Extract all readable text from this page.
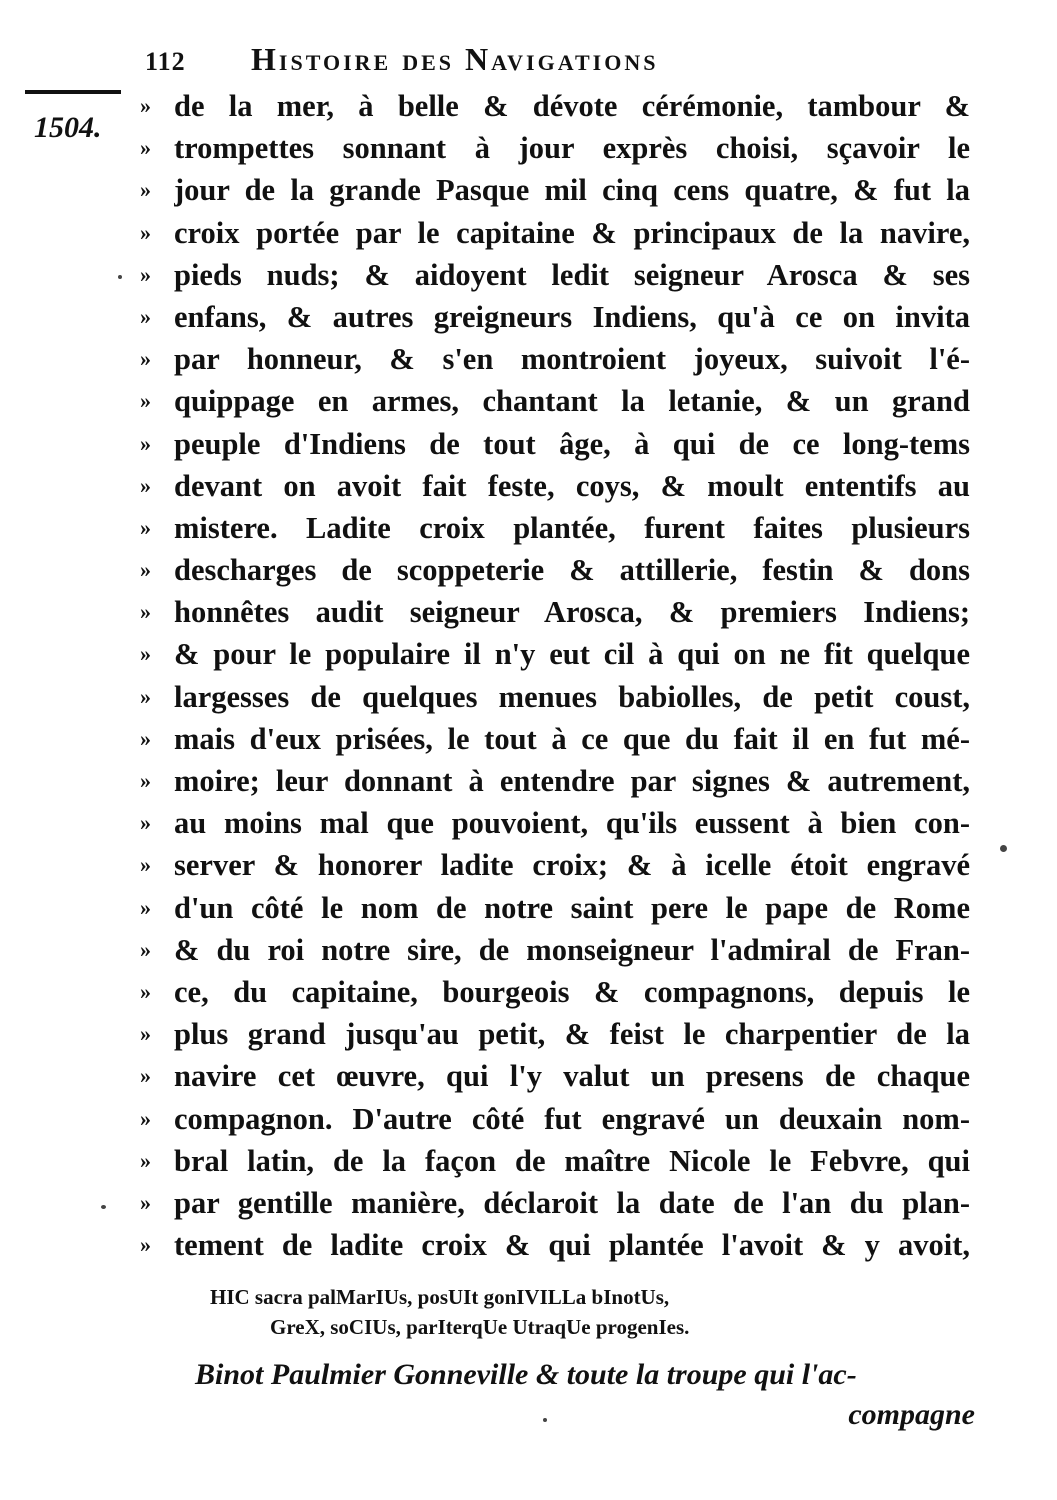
112 Histoire des Navigations
1504.
» de la mer, à belle & dévote cérémonie, tambour &
» trompettes sonnant à jour exprès choisi, sçavoir le
» jour de la grande Pasque mil cinq cens quatre, & fut la
» croix portée par le capitaine & principaux de la navire,
» pieds nuds; & aidoyent ledit seigneur Arosca & ses
» enfans, & autres greigneurs Indiens, qu'à ce on invita
» par honneur, & s'en montroient joyeux, suivoit l'é-
» quippage en armes, chantant la letanie, & un grand
» peuple d'Indiens de tout âge, à qui de ce long-tems
» devant on avoit fait feste, coys, & moult ententifs au
» mistere. Ladite croix plantée, furent faites plusieurs
» descharges de scoppeterie & attillerie, festin & dons
» honnêtes audit seigneur Arosca, & premiers Indiens;
» & pour le populaire il n'y eut cil à qui on ne fit quelque
» largesses de quelques menues babiolles, de petit coust,
» mais d'eux prisées, le tout à ce que du fait il en fut mé-
» moire; leur donnant à entendre par signes & autrement,
» au moins mal que pouvoient, qu'ils eussent à bien con-
» server & honorer ladite croix; & à icelle étoit engravé
» d'un côté le nom de notre saint pere le pape de Rome
» & du roi notre sire, de monseigneur l'admiral de Fran-
» ce, du capitaine, bourgeois & compagnons, depuis le
» plus grand jusqu'au petit, & feist le charpentier de la
» navire cet œuvre, qui l'y valut un presens de chaque
» compagnon. D'autre côté fut engravé un deuxain nom-
» bral latin, de la façon de maître Nicole le Febvre, qui
» par gentille manière, déclaroit la date de l'an du plan-
» tement de ladite croix & qui plantée l'avoit & y avoit,
HIC sacra palMarIUs, posUIt gonIVILLa bInotUs,
GreX, soCIUs, parIterqUe UtraqUe progenIes.
Binot Paulmier Gonneville & toute la troupe qui l'ac-
compagne
